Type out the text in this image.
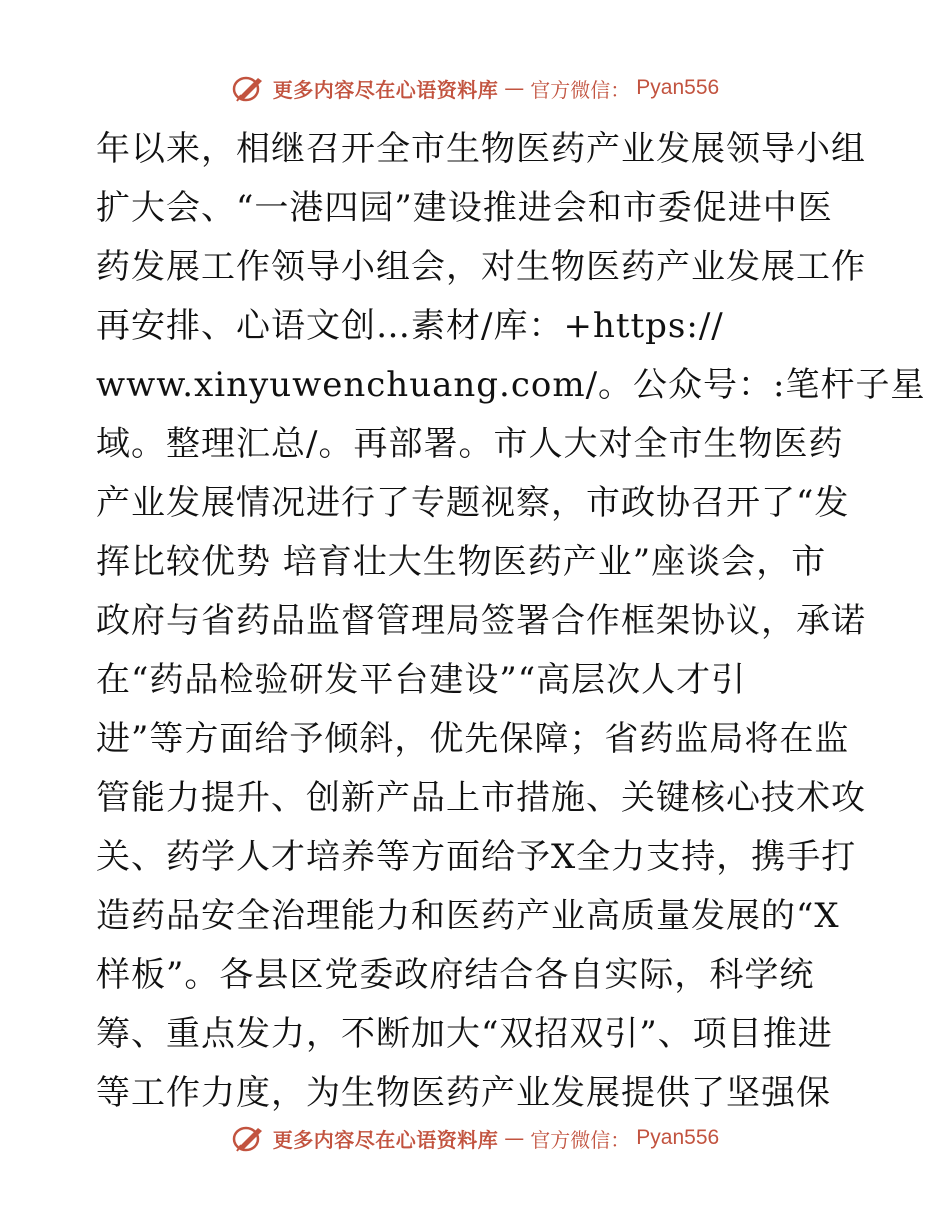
更多内容尽在心语资料库 — 官方微信： Pyan556
年以来，相继召开全市生物医药产业发展领导小组
扩大会、“一港四园”建设推进会和市委促进中医
药发展工作领导小组会，对生物医药产业发展工作
再安排、心语文创…素材/库：+https://
www.xinyuwenchuang.com/。公众号：:笔杆子星
域。整理汇总/。再部署。市人大对全市生物医药
产业发展情况进行了专题视察，市政协召开了“发
挥比较优势 培育壮大生物医药产业”座谈会，市
政府与省药品监督管理局签署合作框架协议，承诺
在“药品检验研发平台建设”“高层次人才引
进”等方面给予倾斜，优先保障；省药监局将在监
管能力提升、创新产品上市措施、关键核心技术攻
关、药学人才培养等方面给予X全力支持，携手打
造药品安全治理能力和医药产业高质量发展的“X
样板”。各县区党委政府结合各自实际，科学统
筹、重点发力，不断加大“双招双引”、项目推进
等工作力度，为生物医药产业发展提供了坚强保
更多内容尽在心语资料库 — 官方微信： Pyan556
